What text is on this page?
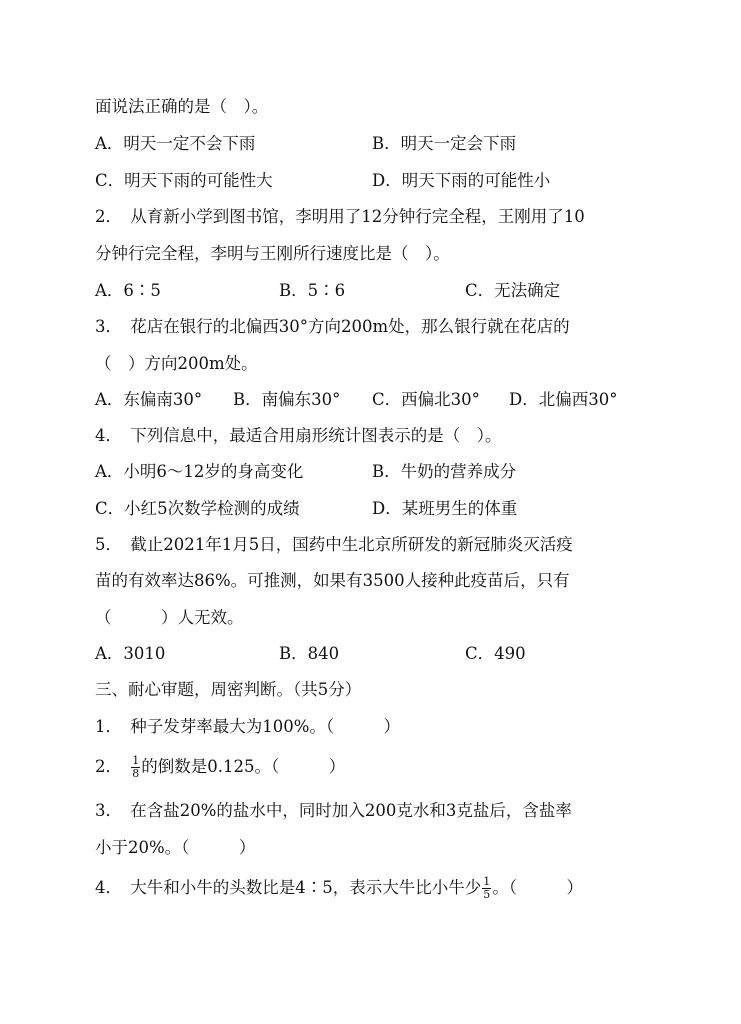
面说法正确的是（　）。
A．明天一定不会下雨	B．明天一定会下雨
C．明天下雨的可能性大	D．明天下雨的可能性小
2．　从育新小学到图书馆，李明用了12分钟行完全程，王刚用了10
分钟行完全程，李明与王刚所行速度比是（　）。
A．6∶5	B．5∶6	C．无法确定
3．　花店在银行的北偏西30°方向200m处，那么银行就在花店的
（　）方向200m处。
A．东偏南30° B．南偏东30° C．西偏北30° D．北偏西30°
4．　下列信息中，最适合用扇形统计图表示的是（　）。
A．小明6～12岁的身高变化	B．牛奶的营养成分
C．小红5次数学检测的成绩	D．某班男生的体重
5．　截止2021年1月5日，国药中生北京所研发的新冠肺炎灭活疫
苗的有效率达86%。可推测，如果有3500人接种此疫苗后，只有
（　　　）人无效。
A．3010	B．840	C．490
三、耐心审题，周密判断。（共5分）
1．　种子发芽率最大为100%。（　　　）
2．　 $\frac{1}{8}$ 的倒数是0.125。（　　　）
3．　在含盐20%的盐水中，同时加入200克水和3克盐后，含盐率
小于20%。（　　　）
4．　大牛和小牛的头数比是4∶5，表示大牛比小牛少 $\frac{1}{5}$ 。（　　　）
